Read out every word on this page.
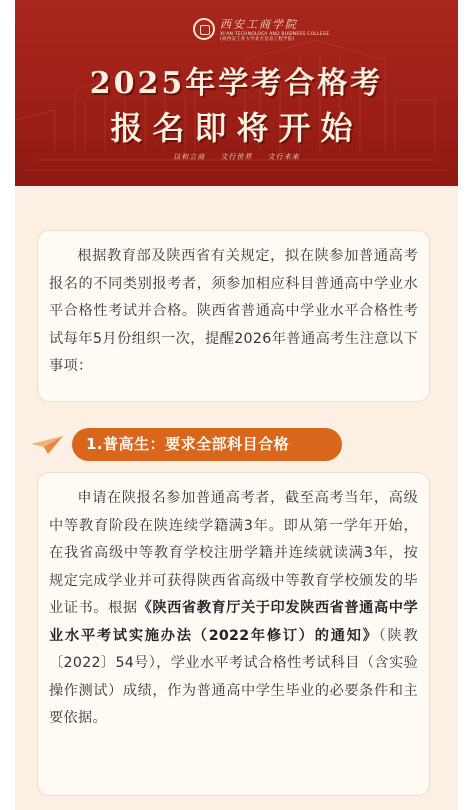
西安工商学院
XI'AN TECHNOLOGY AND BUSINESS COLLEGE
(原西安工业大学北方信息工程学院)
2025年学考合格考
报名即将开始
以和立商 文行世界 文行未来

根据教育部及陕西省有关规定，拟在陕参加普通高考报名的不同类别报考者，须参加相应科目普通高中学业水平合格性考试并合格。陕西省普通高中学业水平合格性考试每年5月份组织一次，提醒2026年普通高考生注意以下事项：

1.普高生：要求全部科目合格

申请在陕报名参加普通高考者，截至高考当年，高级中等教育阶段在陕连续学籍满3年。即从第一学年开始，在我省高级中等教育学校注册学籍并连续就读满3年，按规定完成学业并可获得陕西省高级中等教育学校颁发的毕业证书。根据《陕西省教育厅关于印发陕西省普通高中学业水平考试实施办法（2022年修订）的通知》（陕教〔2022〕54号），学业水平考试合格性考试科目（含实验操作测试）成绩，作为普通高中学生毕业的必要条件和主要依据。
